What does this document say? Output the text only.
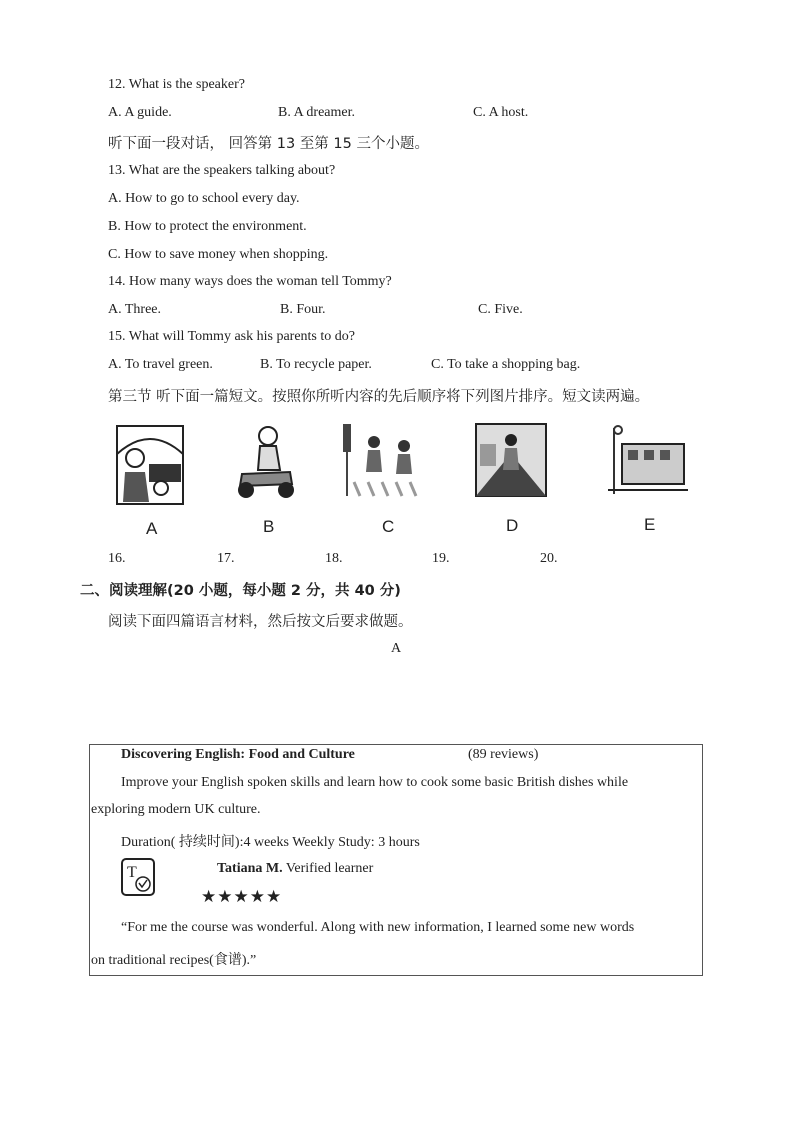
12. What is the speaker?
A. A guide.	B. A dreamer.	C. A host.
听下面一段对话， 回答第 13 至第 15 三个小题。
13. What are the speakers talking about?
A. How to go to school every day.
B. How to protect the environment.
C. How to save money when shopping.
14. How many ways does the woman tell Tommy?
A. Three.	B. Four.	C. Five.
15. What will Tommy ask his parents to do?
A. To travel green.	B. To recycle paper.	C. To take a shopping bag.
第三节 听下面一篇短文。按照你所听内容的先后顺序将下列图片排序。短文读两遍。
A	B	C	D	E
16.	17.	18.	19.	20.
二、阅读理解(20 小题，每小题 2 分，共 40 分)
阅读下面四篇语言材料，然后按文后要求做题。
A
Discovering English: Food and Culture	(89 reviews)
Improve your English spoken skills and learn how to cook some basic British dishes while
exploring modern UK culture.
Duration( 持续时间):4 weeks Weekly Study: 3 hours
T	Tatiana M. Verified learner
★★★★★
“For me the course was wonderful. Along with new information, I learned some new words
on traditional recipes(食谱).”
